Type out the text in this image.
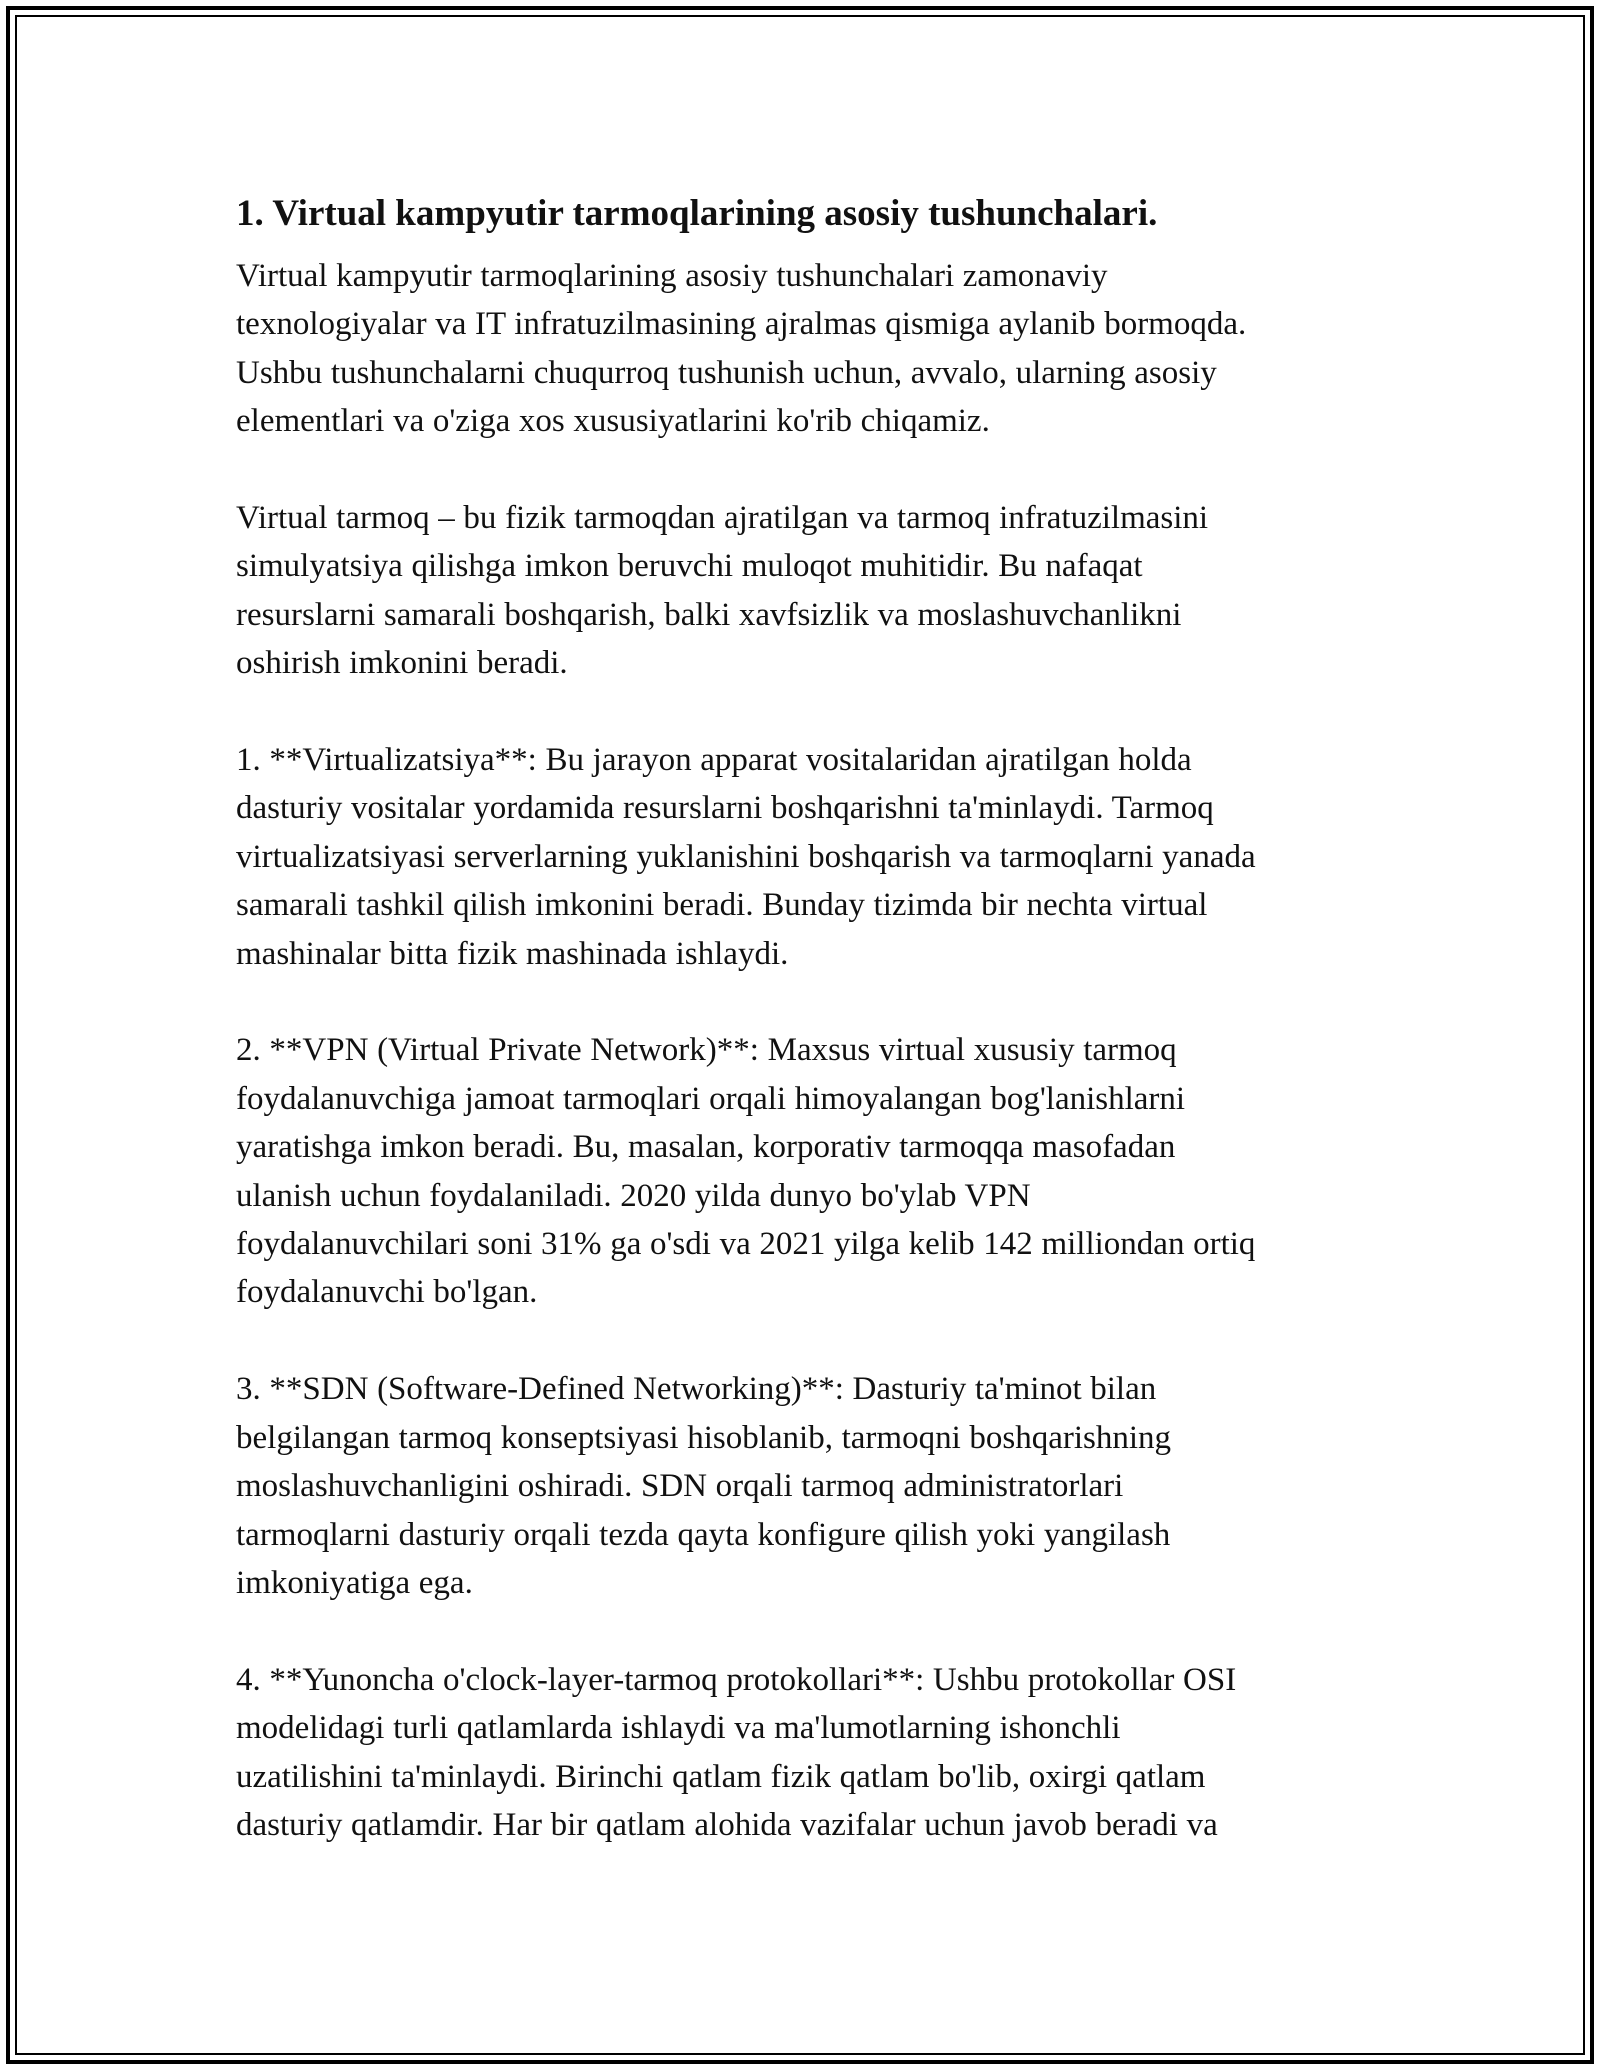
1. Virtual kampyutir tarmoqlarining asosiy tushunchalari.

Virtual kampyutir tarmoqlarining asosiy tushunchalari zamonaviy
texnologiyalar va IT infratuzilmasining ajralmas qismiga aylanib bormoqda.
Ushbu tushunchalarni chuqurroq tushunish uchun, avvalo, ularning asosiy
elementlari va o'ziga xos xususiyatlarini ko'rib chiqamiz.

Virtual tarmoq – bu fizik tarmoqdan ajratilgan va tarmoq infratuzilmasini
simulyatsiya qilishga imkon beruvchi muloqot muhitidir. Bu nafaqat
resurslarni samarali boshqarish, balki xavfsizlik va moslashuvchanlikni
oshirish imkonini beradi.

1. **Virtualizatsiya**: Bu jarayon apparat vositalaridan ajratilgan holda
dasturiy vositalar yordamida resurslarni boshqarishni ta'minlaydi. Tarmoq
virtualizatsiyasi serverlarning yuklanishini boshqarish va tarmoqlarni yanada
samarali tashkil qilish imkonini beradi. Bunday tizimda bir nechta virtual
mashinalar bitta fizik mashinada ishlaydi.

2. **VPN (Virtual Private Network)**: Maxsus virtual xususiy tarmoq
foydalanuvchiga jamoat tarmoqlari orqali himoyalangan bog'lanishlarni
yaratishga imkon beradi. Bu, masalan, korporativ tarmoqqa masofadan
ulanish uchun foydalaniladi. 2020 yilda dunyo bo'ylab VPN
foydalanuvchilari soni 31% ga o'sdi va 2021 yilga kelib 142 milliondan ortiq
foydalanuvchi bo'lgan.

3. **SDN (Software-Defined Networking)**: Dasturiy ta'minot bilan
belgilangan tarmoq konseptsiyasi hisoblanib, tarmoqni boshqarishning
moslashuvchanligini oshiradi. SDN orqali tarmoq administratorlari
tarmoqlarni dasturiy orqali tezda qayta konfigure qilish yoki yangilash
imkoniyatiga ega.

4. **Yunoncha o'clock-layer-tarmoq protokollari**: Ushbu protokollar OSI
modelidagi turli qatlamlarda ishlaydi va ma'lumotlarning ishonchli
uzatilishini ta'minlaydi. Birinchi qatlam fizik qatlam bo'lib, oxirgi qatlam
dasturiy qatlamdir. Har bir qatlam alohida vazifalar uchun javob beradi va
